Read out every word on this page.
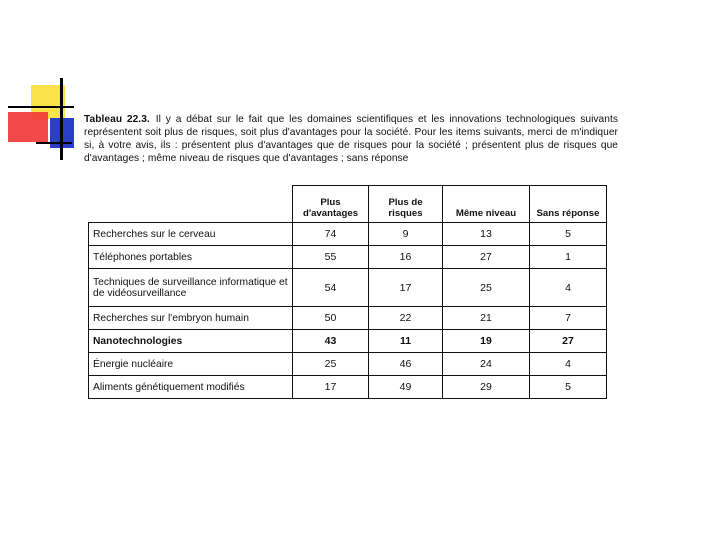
Tableau 22.3. Il y a débat sur le fait que les domaines scientifiques et les innovations technologiques suivants représentent soit plus de risques, soit plus d'avantages pour la société. Pour les items suivants, merci de m'indiquer si, à votre avis, ils : présentent plus d'avantages que de risques pour la société ; présentent plus de risques que d'avantages ; même niveau de risques que d'avantages ; sans réponse
	Plus d'avantages	Plus de risques	Même niveau	Sans réponse
Recherches sur le cerveau	74	9	13	5
Téléphones portables	55	16	27	1
Techniques de surveillance informatique et de vidéosurveillance	54	17	25	4
Recherches sur l'embryon humain	50	22	21	7
Nanotechnologies	43	11	19	27
Énergie nucléaire	25	46	24	4
Aliments génétiquement modifiés	17	49	29	5
